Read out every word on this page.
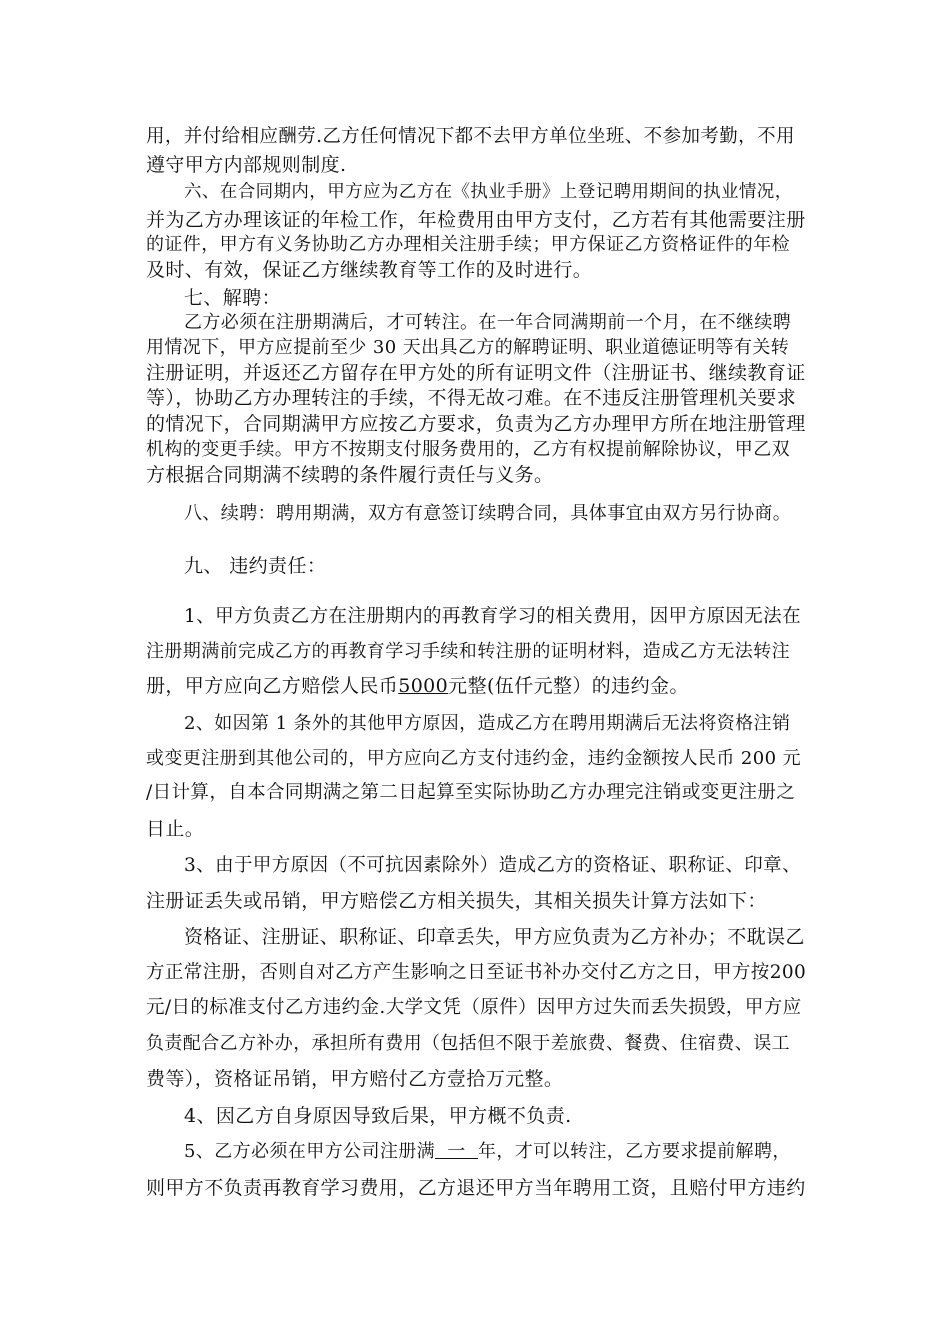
用，并付给相应酬劳.乙方任何情况下都不去甲方单位坐班、不参加考勤，不用

遵守甲方内部规则制度.

六、在合同期内，甲方应为乙方在《执业手册》上登记聘用期间的执业情况，

并为乙方办理该证的年检工作，年检费用由甲方支付，乙方若有其他需要注册

的证件，甲方有义务协助乙方办理相关注册手续；甲方保证乙方资格证件的年检

及时、有效，保证乙方继续教育等工作的及时进行。

七、解聘：

乙方必须在注册期满后，才可转注。在一年合同满期前一个月，在不继续聘

用情况下，甲方应提前至少 30 天出具乙方的解聘证明、职业道德证明等有关转

注册证明，并返还乙方留存在甲方处的所有证明文件（注册证书、继续教育证

等），协助乙方办理转注的手续，不得无故刁难。在不违反注册管理机关要求

的情况下，合同期满甲方应按乙方要求，负责为乙方办理甲方所在地注册管理

机构的变更手续。甲方不按期支付服务费用的，乙方有权提前解除协议，甲乙双

方根据合同期满不续聘的条件履行责任与义务。

八、续聘：聘用期满，双方有意签订续聘合同，具体事宜由双方另行协商。

九、 违约责任：

1、甲方负责乙方在注册期内的再教育学习的相关费用，因甲方原因无法在

注册期满前完成乙方的再教育学习手续和转注册的证明材料，造成乙方无法转注

册，甲方应向乙方赔偿人民币5000元整(伍仟元整）的违约金。

2、如因第 1 条外的其他甲方原因，造成乙方在聘用期满后无法将资格注销

或变更注册到其他公司的，甲方应向乙方支付违约金，违约金额按人民币 200 元

/日计算，自本合同期满之第二日起算至实际协助乙方办理完注销或变更注册之

日止。

3、由于甲方原因（不可抗因素除外）造成乙方的资格证、职称证、印章、

注册证丢失或吊销，甲方赔偿乙方相关损失，其相关损失计算方法如下：

资格证、注册证、职称证、印章丢失，甲方应负责为乙方补办；不耽误乙

方正常注册，否则自对乙方产生影响之日至证书补办交付乙方之日，甲方按200

元/日的标准支付乙方违约金.大学文凭（原件）因甲方过失而丢失损毁，甲方应

负责配合乙方补办，承担所有费用（包括但不限于差旅费、餐费、住宿费、误工

费等），资格证吊销，甲方赔付乙方壹拾万元整。

4、因乙方自身原因导致后果，甲方概不负责.

5、乙方必须在甲方公司注册满  一  年，才可以转注，乙方要求提前解聘，

则甲方不负责再教育学习费用，乙方退还甲方当年聘用工资，且赔付甲方违约
